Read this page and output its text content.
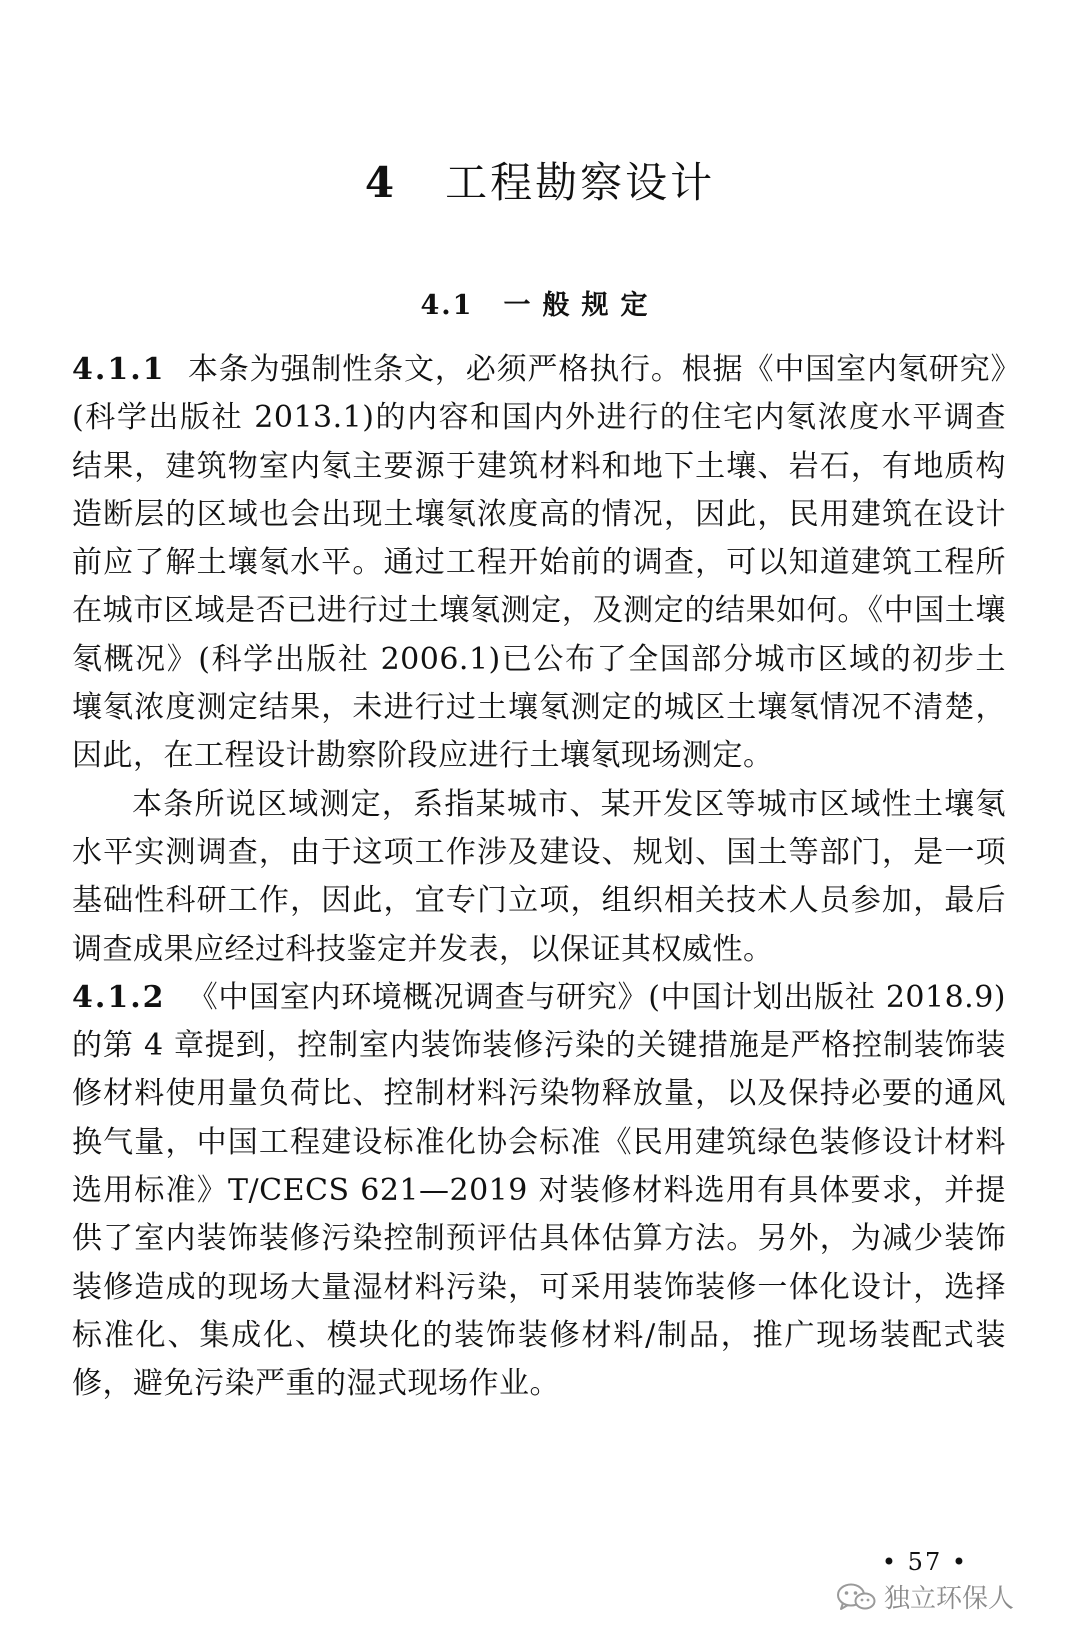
4 工程勘察设计
4.1 一般规定

4.1.1 本条为强制性条文，必须严格执行。根据《中国室内氡研究》(科学出版社 2013.1)的内容和国内外进行的住宅内氡浓度水平调查结果，建筑物室内氡主要源于建筑材料和地下土壤、岩石，有地质构造断层的区域也会出现土壤氡浓度高的情况，因此，民用建筑在设计前应了解土壤氡水平。通过工程开始前的调查，可以知道建筑工程所在城市区域是否已进行过土壤氡测定，及测定的结果如何。《中国土壤氡概况》(科学出版社 2006.1)已公布了全国部分城市区域的初步土壤氡浓度测定结果，未进行过土壤氡测定的城区土壤氡情况不清楚，因此，在工程设计勘察阶段应进行土壤氡现场测定。

本条所说区域测定，系指某城市、某开发区等城市区域性土壤氡水平实测调查，由于这项工作涉及建设、规划、国土等部门，是一项基础性科研工作，因此，宜专门立项，组织相关技术人员参加，最后调查成果应经过科技鉴定并发表，以保证其权威性。

4.1.2 《中国室内环境概况调查与研究》(中国计划出版社 2018.9)的第 4 章提到，控制室内装饰装修污染的关键措施是严格控制装饰装修材料使用量负荷比、控制材料污染物释放量，以及保持必要的通风换气量，中国工程建设标准化协会标准《民用建筑绿色装修设计材料选用标准》T/CECS 621—2019 对装修材料选用有具体要求，并提供了室内装饰装修污染控制预评估具体估算方法。另外，为减少装饰装修造成的现场大量湿材料污染，可采用装饰装修一体化设计，选择标准化、集成化、模块化的装饰装修材料/制品，推广现场装配式装修，避免污染严重的湿式现场作业。

• 57 •
独立环保人
